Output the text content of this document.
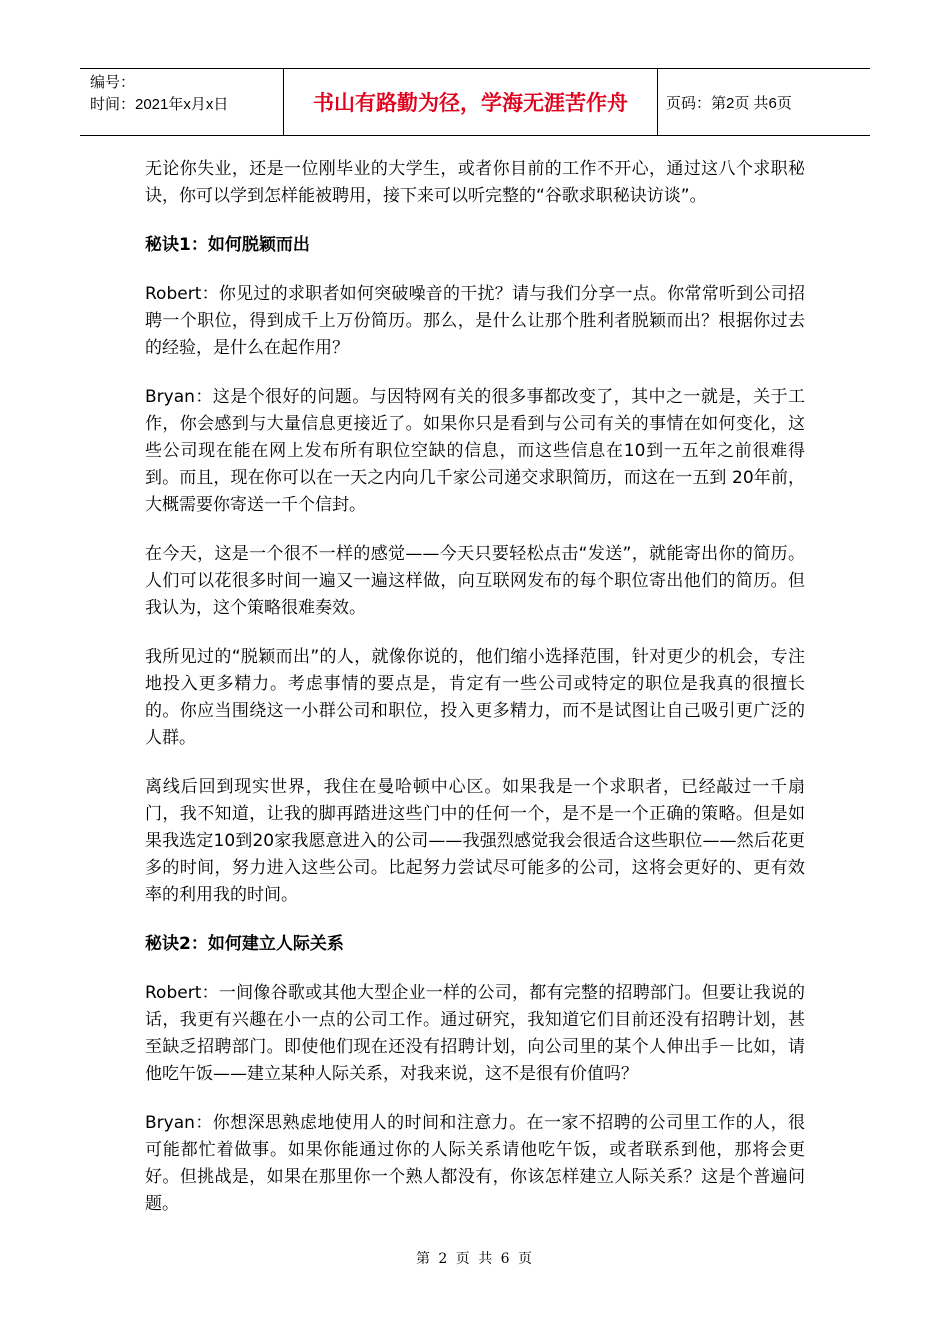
编号：
时间：2021年x月x日	书山有路勤为径，学海无涯苦作舟	页码：第2页 共6页

无论你失业，还是一位刚毕业的大学生，或者你目前的工作不开心，通过这八个求职秘诀，你可以学到怎样能被聘用，接下来可以听完整的“谷歌求职秘诀访谈”。

秘诀1：如何脱颖而出

Robert：你见过的求职者如何突破噪音的干扰？请与我们分享一点。你常常听到公司招聘一个职位，得到成千上万份简历。那么，是什么让那个胜利者脱颖而出？根据你过去的经验，是什么在起作用？

Bryan：这是个很好的问题。与因特网有关的很多事都改变了，其中之一就是，关于工作，你会感到与大量信息更接近了。如果你只是看到与公司有关的事情在如何变化，这些公司现在能在网上发布所有职位空缺的信息，而这些信息在10到一五年之前很难得到。而且，现在你可以在一天之内向几千家公司递交求职简历，而这在一五到 20年前，大概需要你寄送一千个信封。

在今天，这是一个很不一样的感觉——今天只要轻松点击“发送”，就能寄出你的简历。人们可以花很多时间一遍又一遍这样做，向互联网发布的每个职位寄出他们的简历。但我认为，这个策略很难奏效。

我所见过的“脱颖而出”的人，就像你说的，他们缩小选择范围，针对更少的机会，专注地投入更多精力。考虑事情的要点是，肯定有一些公司或特定的职位是我真的很擅长的。你应当围绕这一小群公司和职位，投入更多精力，而不是试图让自己吸引更广泛的人群。

离线后回到现实世界，我住在曼哈顿中心区。如果我是一个求职者，已经敲过一千扇门，我不知道，让我的脚再踏进这些门中的任何一个，是不是一个正确的策略。但是如果我选定10到20家我愿意进入的公司——我强烈感觉我会很适合这些职位——然后花更多的时间，努力进入这些公司。比起努力尝试尽可能多的公司，这将会更好的、更有效率的利用我的时间。

秘诀2：如何建立人际关系

Robert：一间像谷歌或其他大型企业一样的公司，都有完整的招聘部门。但要让我说的话，我更有兴趣在小一点的公司工作。通过研究，我知道它们目前还没有招聘计划，甚至缺乏招聘部门。即使他们现在还没有招聘计划，向公司里的某个人伸出手－比如，请他吃午饭——建立某种人际关系，对我来说，这不是很有价值吗？

Bryan：你想深思熟虑地使用人的时间和注意力。在一家不招聘的公司里工作的人，很可能都忙着做事。如果你能通过你的人际关系请他吃午饭，或者联系到他，那将会更好。但挑战是，如果在那里你一个熟人都没有，你该怎样建立人际关系？这是个普遍问题。

第 2 页 共 6 页
